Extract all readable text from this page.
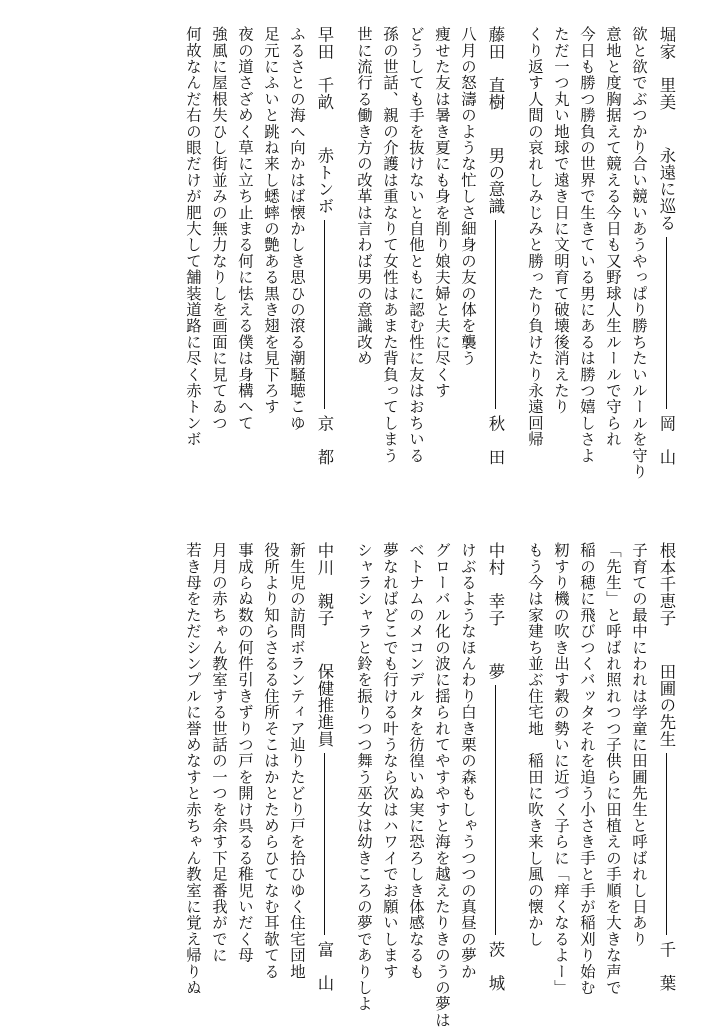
堀家　里美
永遠に巡る
岡　山
欲と欲でぶつかり合い競いあうやっぱり勝ちたいルールを守り
意地と度胸据えて競える今日も又野球人生ルールで守られ
今日も勝つ勝負の世界で生きている男にあるは勝つ嬉しさよ
ただ一つ丸い地球で遠き日に文明育て破壊後消えたり
くり返す人間の哀れしみじみと勝ったり負けたり永遠回帰
藤田　直樹
男の意識
秋　田
八月の怒濤のような忙しさ細身の友の体を襲う
痩せた友は暑き夏にも身を削り娘夫婦と夫に尽くす
どうしても手を抜けないと自他ともに認む性に友はおちいる
孫の世話、親の介護は重なりて女性はあまた背負ってしまう
世に流行る働き方の改革は言わば男の意識改め
早田　千畝
赤トンボ
京　都
ふるさとの海へ向かはば懐かしき思ひの滾る潮騒聴こゆ
足元にふいと跳ね来し蟋蟀の艶ある黒き翅を見下ろす
夜の道さざめく草に立ち止まる何に怯える僕は身構へて
強風に屋根失ひし街並みの無力なりしを画面に見てゐつ
何故なんだ右の眼だけが肥大して舗装道路に尽く赤トンボ
根本千恵子
田圃の先生
千　葉
子育ての最中にわれは学童に田圃先生と呼ばれし日あり
「先生」と呼ばれ照れつつ子供らに田植えの手順を大きな声で
稲の穂に飛びつくバッタそれを追う小さき手と手が稲刈り始む
籾すり機の吹き出す穀の勢いに近づく子らに「痒くなるよー」
もう今は家建ち並ぶ住宅地　稲田に吹き来し風の懐かし
中村　幸子
夢
茨　城
けぶるようなほんわり白き栗の森もしゃうつつの真昼の夢か
グローバル化の波に揺られてやすやすと海を越えたりきのうの夢は
ベトナムのメコンデルタを彷徨いぬ実に恐ろしき体感なるも
夢なればどこでも行ける叶うなら次はハワイでお願いします
シャラシャラと鈴を振りつつ舞う巫女は幼きころの夢でありしよ
中川　親子
保健推進員
富　山
新生児の訪問ボランティア辿りたどり戸を拾ひゆく住宅団地
役所より知らさるる住所そこはかとためらひてなむ耳欹てる
事成らぬ数の何件引きずりつ戸を開け呉るる稚児いだく母
月月の赤ちゃん教室する世話の一つを余す下足番我がでに
若き母をただシンプルに誉めなすと赤ちゃん教室に覚え帰りぬ
